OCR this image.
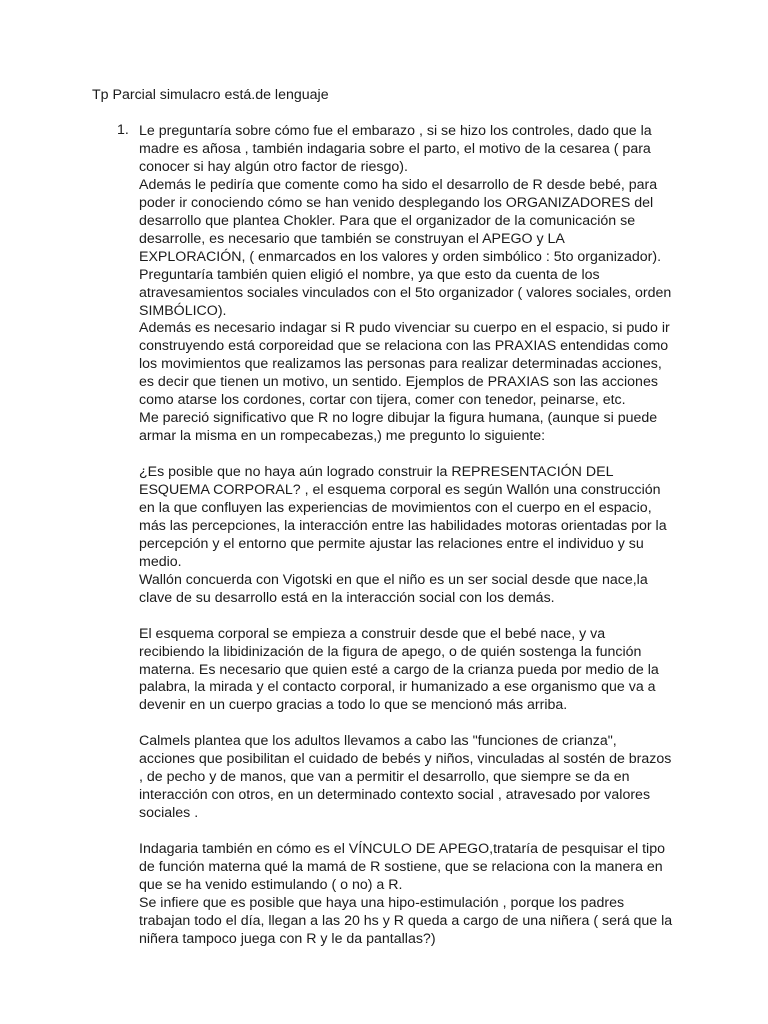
Tp Parcial simulacro está.de lenguaje
1. Le preguntaría sobre cómo fue el embarazo , si se hizo los controles, dado que la
madre es añosa , también indagaria sobre el parto, el motivo de la cesarea ( para
conocer si hay algún otro factor de riesgo).
Además le pediría que comente como ha sido el desarrollo de R desde bebé, para
poder ir conociendo cómo se han venido desplegando los ORGANIZADORES del
desarrollo que plantea Chokler. Para que el organizador de la comunicación se
desarrolle, es necesario que también se construyan el APEGO y LA
EXPLORACIÓN, ( enmarcados en los valores y orden simbólico : 5to organizador).
Preguntaría también quien eligió el nombre, ya que esto da cuenta de los
atravesamientos sociales vinculados con el 5to organizador ( valores sociales, orden
SIMBÓLICO).
Además es necesario indagar si R pudo vivenciar su cuerpo en el espacio, si pudo ir
construyendo está corporeidad que se relaciona con las PRAXIAS entendidas como
los movimientos que realizamos las personas para realizar determinadas acciones,
es decir que tienen un motivo, un sentido. Ejemplos de PRAXIAS son las acciones
como atarse los cordones, cortar con tijera, comer con tenedor, peinarse, etc.
Me pareció significativo que R no logre dibujar la figura humana, (aunque si puede
armar la misma en un rompecabezas,) me pregunto lo siguiente:
¿Es posible que no haya aún logrado construir la REPRESENTACIÓN DEL
ESQUEMA CORPORAL? , el esquema corporal es según Wallón una construcción
en la que confluyen las experiencias de movimientos con el cuerpo en el espacio,
más las percepciones, la interacción entre las habilidades motoras orientadas por la
percepción y el entorno que permite ajustar las relaciones entre el individuo y su
medio.
Wallón concuerda con Vigotski en que el niño es un ser social desde que nace,la
clave de su desarrollo está en la interacción social con los demás.
El esquema corporal se empieza a construir desde que el bebé nace, y va
recibiendo la libidinización de la figura de apego, o de quién sostenga la función
materna. Es necesario que quien esté a cargo de la crianza pueda por medio de la
palabra, la mirada y el contacto corporal, ir humanizado a ese organismo que va a
devenir en un cuerpo gracias a todo lo que se mencionó más arriba.
Calmels plantea que los adultos llevamos a cabo las "funciones de crianza",
acciones que posibilitan el cuidado de bebés y niños, vinculadas al sostén de brazos
, de pecho y de manos, que van a permitir el desarrollo, que siempre se da en
interacción con otros, en un determinado contexto social , atravesado por valores
sociales .
Indagaria también en cómo es el VÍNCULO DE APEGO,trataría de pesquisar el tipo
de función materna qué la mamá de R sostiene, que se relaciona con la manera en
que se ha venido estimulando ( o no) a R.
Se infiere que es posible que haya una hipo-estimulación , porque los padres
trabajan todo el día, llegan a las 20 hs y R queda a cargo de una niñera ( será que la
niñera tampoco juega con R y le da pantallas?)
